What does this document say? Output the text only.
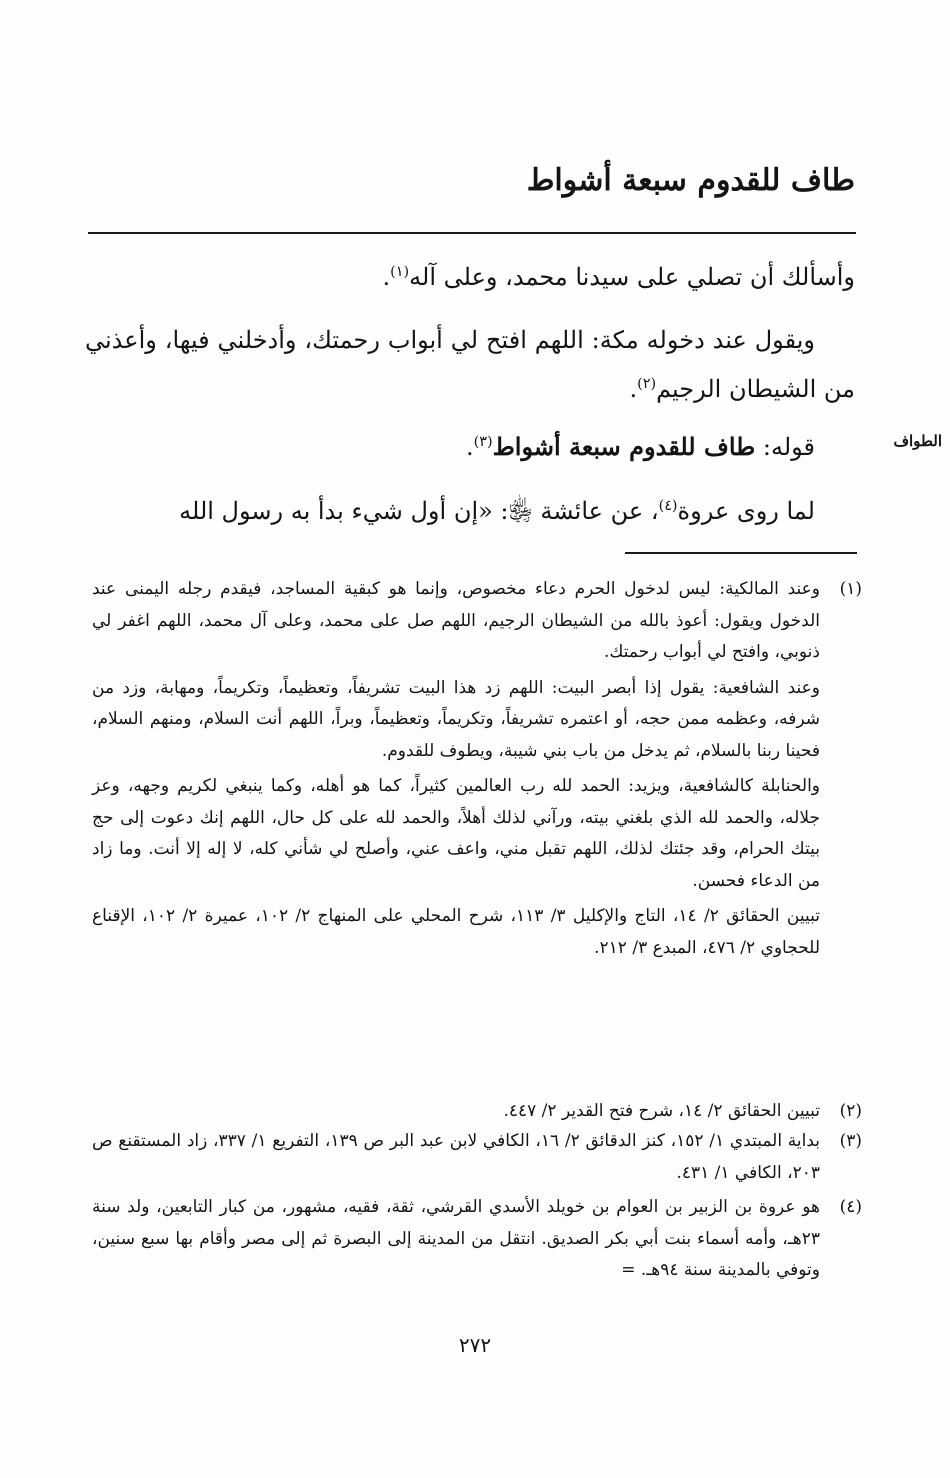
طاف للقدوم سبعة أشواط
الطواف
وأسألك أن تصلي على سيدنا محمد، وعلى آله$^{(١)}$.
ويقول عند دخوله مكة: اللهم افتح لي أبواب رحمتك، وأدخلني فيها، وأعذني من الشيطان الرجيم$^{(٢)}$.
قوله: طاف للقدوم سبعة أشواط$^{(٣)}$.
لما روى عروة$^{(٤)}$، عن عائشة ﵂: «إن أول شيء بدأ به رسول الله
(١)

وعند المالكية: ليس لدخول الحرم دعاء مخصوص، وإنما هو كبقية المساجد، فيقدم رجله اليمنى عند الدخول ويقول: أعوذ بالله من الشيطان الرجيم، اللهم صل على محمد، وعلى آل محمد، اللهم اغفر لي ذنوبي، وافتح لي أبواب رحمتك.

وعند الشافعية: يقول إذا أبصر البيت: اللهم زد هذا البيت تشريفاً، وتعظيماً، وتكريماً، ومهابة، وزد من شرفه، وعظمه ممن حجه، أو اعتمره تشريفاً، وتكريماً، وتعظيماً، وبراً، اللهم أنت السلام، ومنهم السلام، فحينا ربنا بالسلام، ثم يدخل من باب بني شيبة، ويطوف للقدوم.

والحنابلة كالشافعية، ويزيد: الحمد لله رب العالمين كثيراً، كما هو أهله، وكما ينبغي لكريم وجهه، وعز جلاله، والحمد لله الذي بلغني بيته، ورآني لذلك أهلاً، والحمد لله على كل حال، اللهم إنك دعوت إلى حج بيتك الحرام، وقد جئتك لذلك، اللهم تقبل مني، واعف عني، وأصلح لي شأني كله، لا إله إلا أنت. وما زاد من الدعاء فحسن.

تبيين الحقائق ٢/ ١٤، التاج والإكليل ٣/ ١١٣، شرح المحلي على المنهاج ٢/ ١٠٢، عميرة ٢/ ١٠٢، الإقناع للحجاوي ٢/ ٤٧٦، المبدع ٣/ ٢١٢.

(٢)

تبيين الحقائق ٢/ ١٤، شرح فتح القدير ٢/ ٤٤٧.

(٣)

بداية المبتدي ١/ ١٥٢، كنز الدقائق ٢/ ١٦، الكافي لابن عبد البر ص ١٣٩، التفريع ١/ ٣٣٧، زاد المستقنع ص ٢٠٣، الكافي ١/ ٤٣١.

(٤)

هو عروة بن الزبير بن العوام بن خويلد الأسدي القرشي، ثقة، فقيه، مشهور، من كبار التابعين، ولد سنة ٢٣هـ، وأمه أسماء بنت أبي بكر الصديق. انتقل من المدينة إلى البصرة ثم إلى مصر وأقام بها سبع سنين، وتوفي بالمدينة سنة ٩٤هـ. =

٢٧٢
